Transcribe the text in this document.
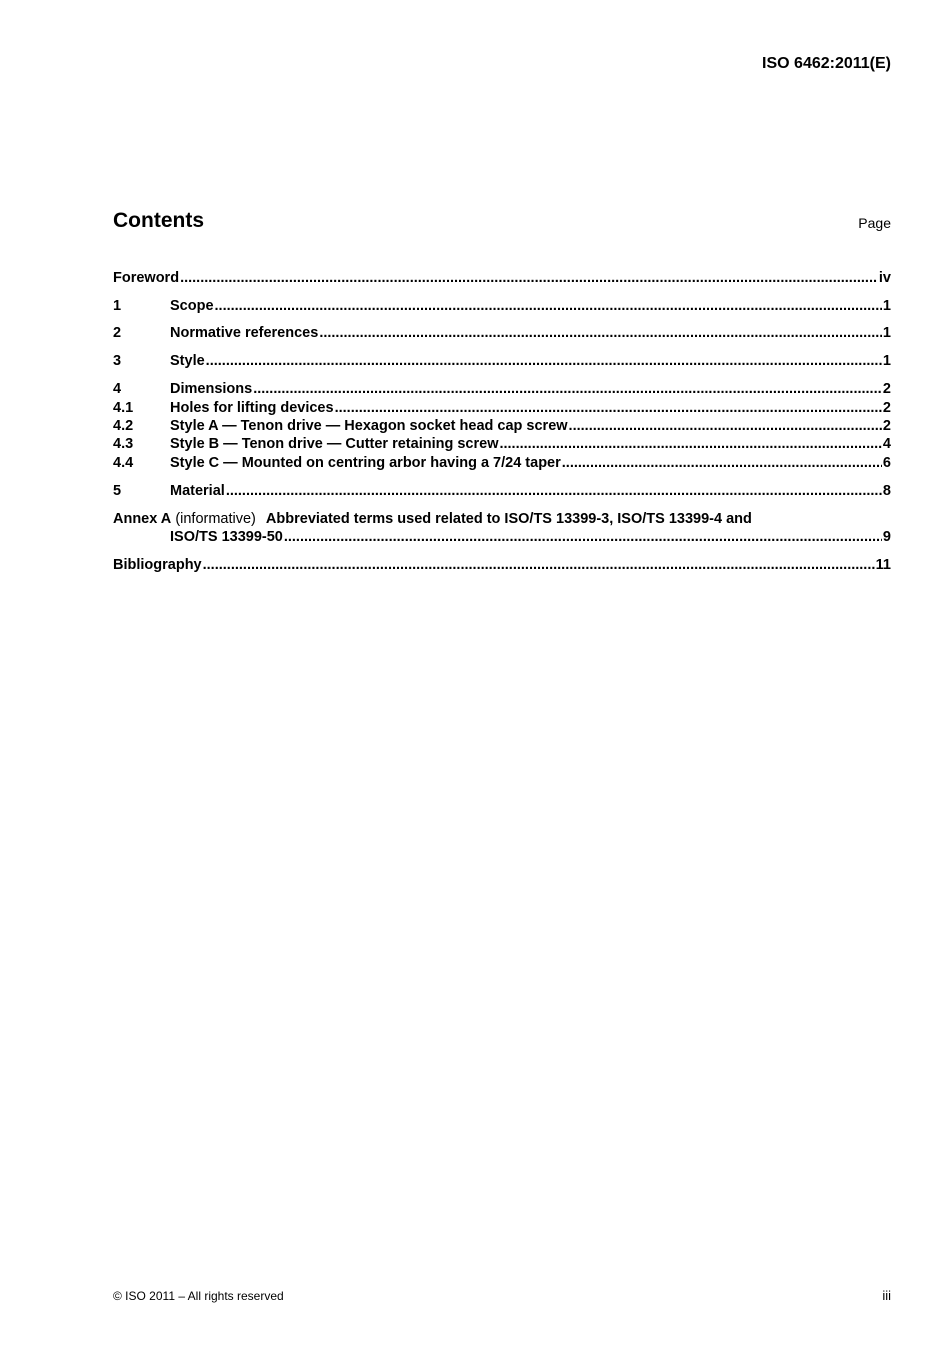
ISO 6462:2011(E)
Contents	Page
Foreword .....	iv
1	Scope .....	1
2	Normative references .....	1
3	Style .....	1
4	Dimensions .....	2
4.1	Holes for lifting devices .....	2
4.2	Style A — Tenon drive — Hexagon socket head cap screw .....	2
4.3	Style B — Tenon drive — Cutter retaining screw .....	4
4.4	Style C — Mounted on centring arbor having a 7/24 taper .....	6
5	Material .....	8
Annex A (informative) Abbreviated terms used related to ISO/TS 13399-3, ISO/TS 13399-4 and
ISO/TS 13399-50 .....	9
Bibliography .....	11
© ISO 2011 – All rights reserved	iii
